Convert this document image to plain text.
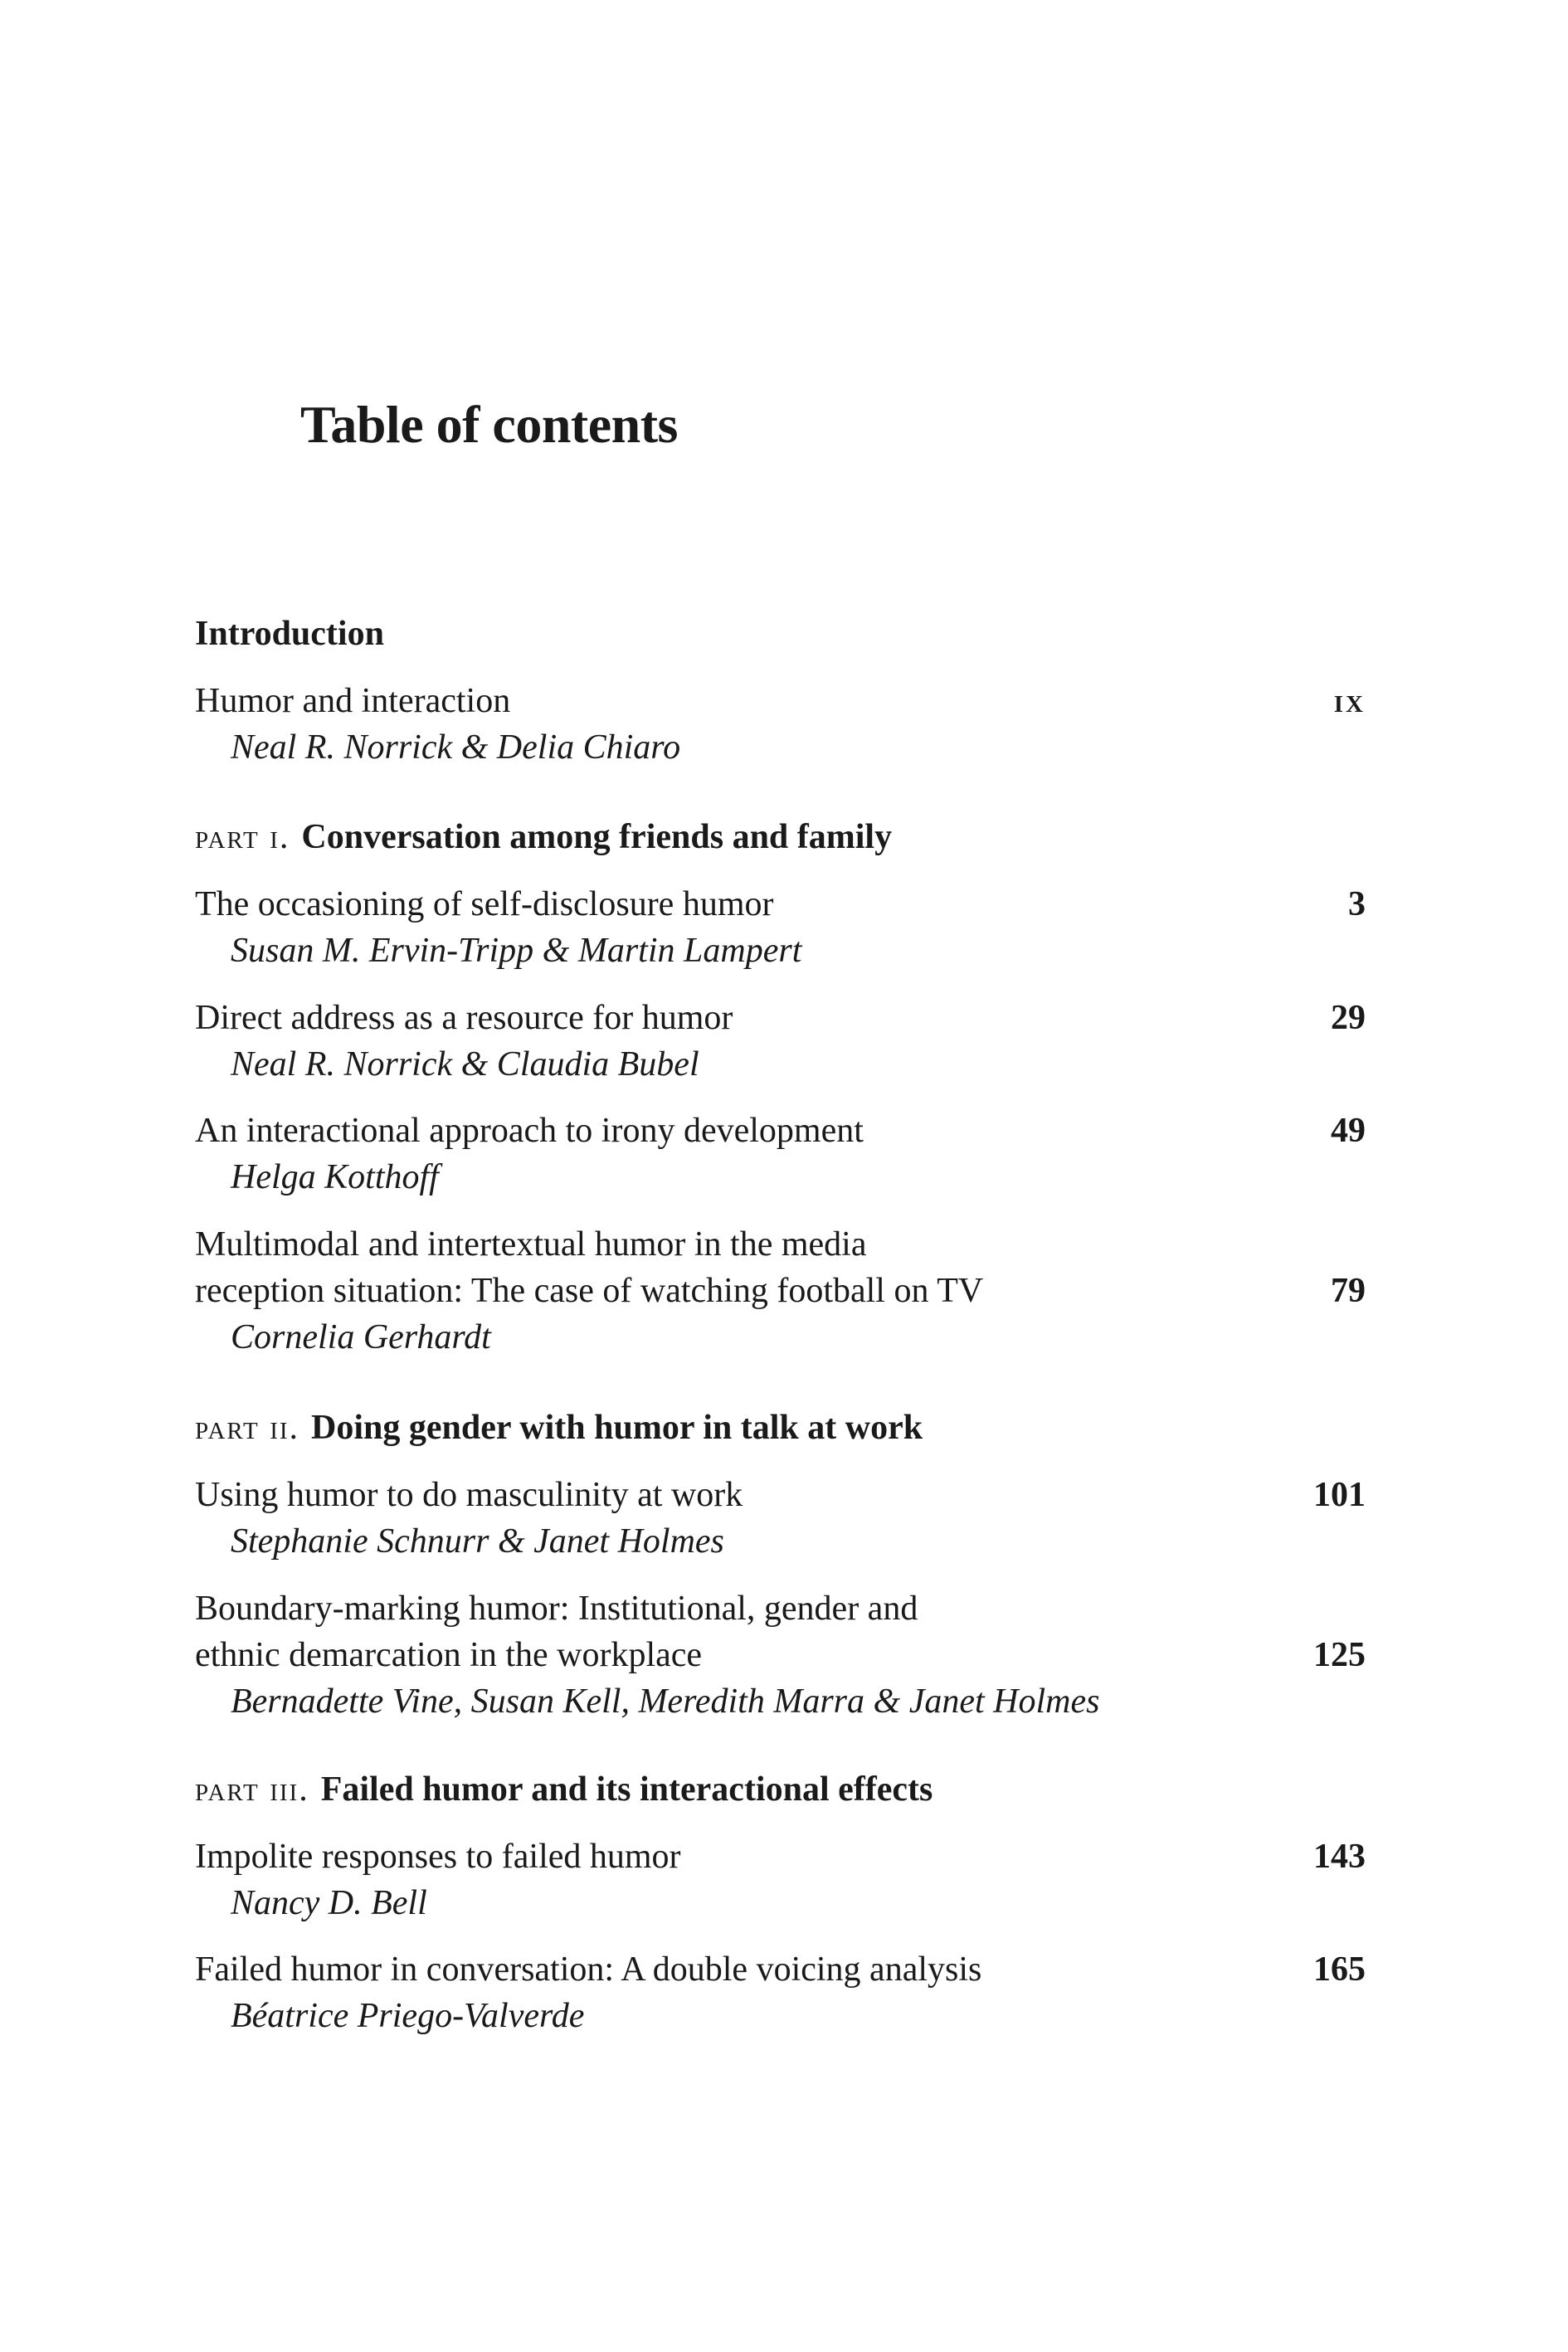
Table of contents
Introduction
Humor and interaction
Neal R. Norrick & Delia Chiaro
ix
part i. Conversation among friends and family
The occasioning of self-disclosure humor
Susan M. Ervin-Tripp & Martin Lampert
3
Direct address as a resource for humor
Neal R. Norrick & Claudia Bubel
29
An interactional approach to irony development
Helga Kotthoff
49
Multimodal and intertextual humor in the media
reception situation: The case of watching football on TV
Cornelia Gerhardt
79
part ii. Doing gender with humor in talk at work
Using humor to do masculinity at work
Stephanie Schnurr & Janet Holmes
101
Boundary-marking humor: Institutional, gender and
ethnic demarcation in the workplace
Bernadette Vine, Susan Kell, Meredith Marra & Janet Holmes
125
part iii. Failed humor and its interactional effects
Impolite responses to failed humor
Nancy D. Bell
143
Failed humor in conversation: A double voicing analysis
Béatrice Priego-Valverde
165
